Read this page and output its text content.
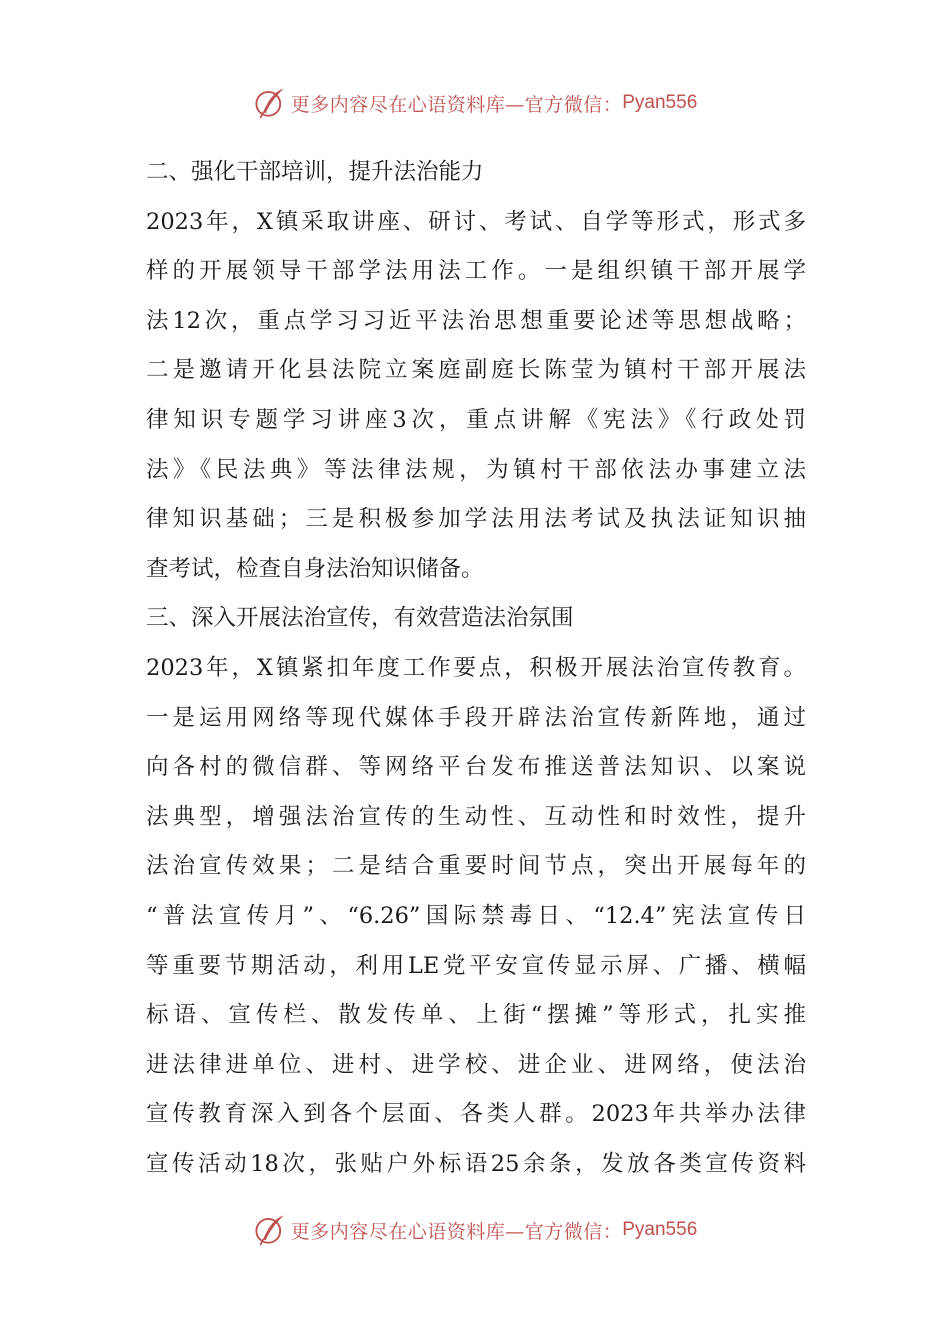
更多内容尽在心语资料库—官方微信： Pyan556
二、强化干部培训，提升法治能力
2023年，X镇采取讲座、研讨、考试、自学等形式，形式多
样的开展领导干部学法用法工作。一是组织镇干部开展学
法12次，重点学习习近平法治思想重要论述等思想战略；
二是邀请开化县法院立案庭副庭长陈莹为镇村干部开展法
律知识专题学习讲座3次，重点讲解《宪法》《行政处罚
法》《民法典》等法律法规，为镇村干部依法办事建立法
律知识基础；三是积极参加学法用法考试及执法证知识抽
查考试，检查自身法治知识储备。
三、深入开展法治宣传，有效营造法治氛围
2023年，X镇紧扣年度工作要点，积极开展法治宣传教育。
一是运用网络等现代媒体手段开辟法治宣传新阵地，通过
向各村的微信群、等网络平台发布推送普法知识、以案说
法典型，增强法治宣传的生动性、互动性和时效性，提升
法治宣传效果；二是结合重要时间节点，突出开展每年的
“普法宣传月”、“6.26”国际禁毒日、“12.4”宪法宣传日
等重要节期活动，利用LE党平安宣传显示屏、广播、横幅
标语、宣传栏、散发传单、上街“摆摊”等形式，扎实推
进法律进单位、进村、进学校、进企业、进网络，使法治
宣传教育深入到各个层面、各类人群。2023年共举办法律
宣传活动18次，张贴户外标语25余条，发放各类宣传资料
更多内容尽在心语资料库—官方微信： Pyan556
